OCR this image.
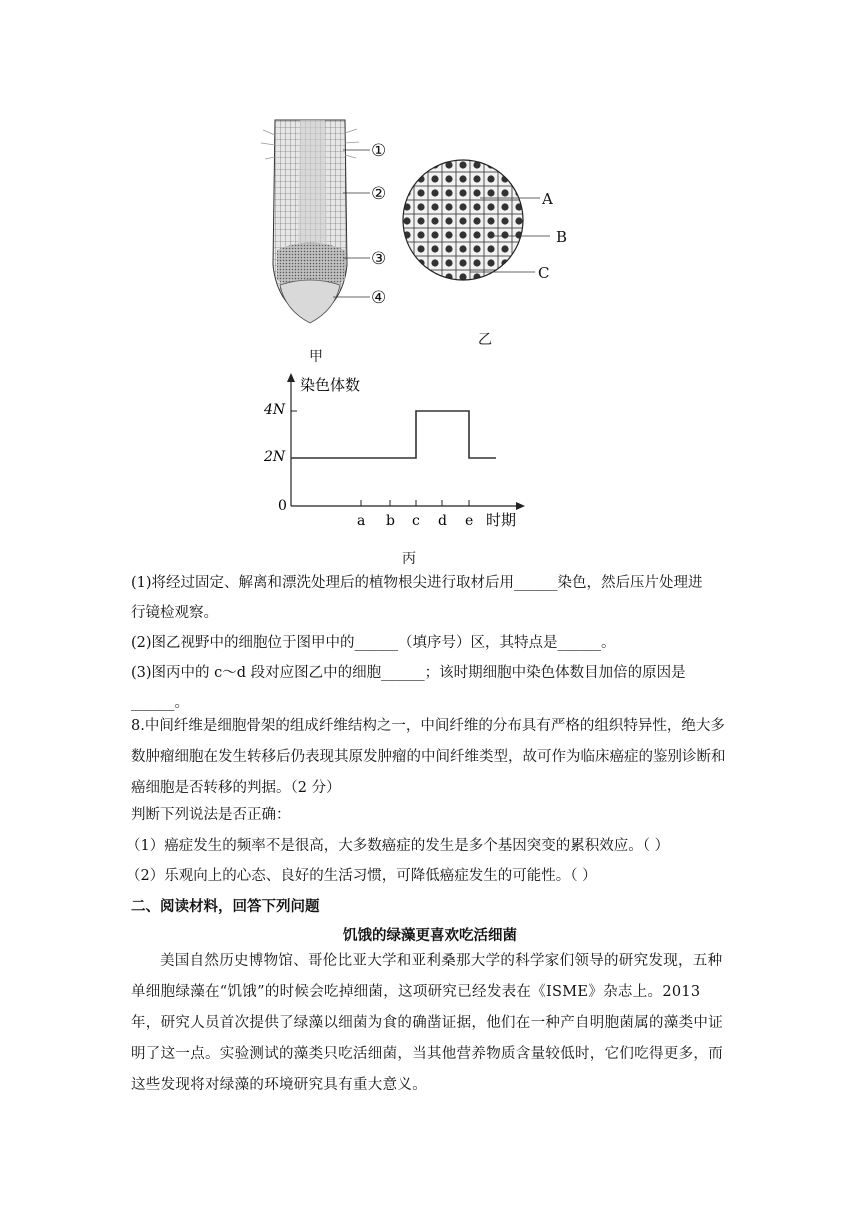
①
②
③
④
甲
A
B
C
乙
染色体数
时期
4N
2N
0
a b c d e
丙
(1)将经过固定、解离和漂洗处理后的植物根尖进行取材后用______染色，然后压片处理进
行镜检观察。
(2)图乙视野中的细胞位于图甲中的______（填序号）区，其特点是______。
(3)图丙中的 c～d 段对应图乙中的细胞______；该时期细胞中染色体数目加倍的原因是
______。
8.中间纤维是细胞骨架的组成纤维结构之一，中间纤维的分布具有严格的组织特异性，绝大多数肿瘤细胞在发生转移后仍表现其原发肿瘤的中间纤维类型，故可作为临床癌症的鉴别诊断和癌细胞是否转移的判据。（2 分）
判断下列说法是否正确：
（1）癌症发生的频率不是很高，大多数癌症的发生是多个基因突变的累积效应。（ ）
（2）乐观向上的心态、良好的生活习惯，可降低癌症发生的可能性。（ ）
二、阅读材料，回答下列问题
饥饿的绿藻更喜欢吃活细菌
美国自然历史博物馆、哥伦比亚大学和亚利桑那大学的科学家们领导的研究发现，五种单细胞绿藻在“饥饿”的时候会吃掉细菌，这项研究已经发表在《ISME》杂志上。2013 年，研究人员首次提供了绿藻以细菌为食的确凿证据，他们在一种产自明胞菌属的藻类中证明了这一点。实验测试的藻类只吃活细菌，当其他营养物质含量较低时，它们吃得更多，而这些发现将对绿藻的环境研究具有重大意义。
